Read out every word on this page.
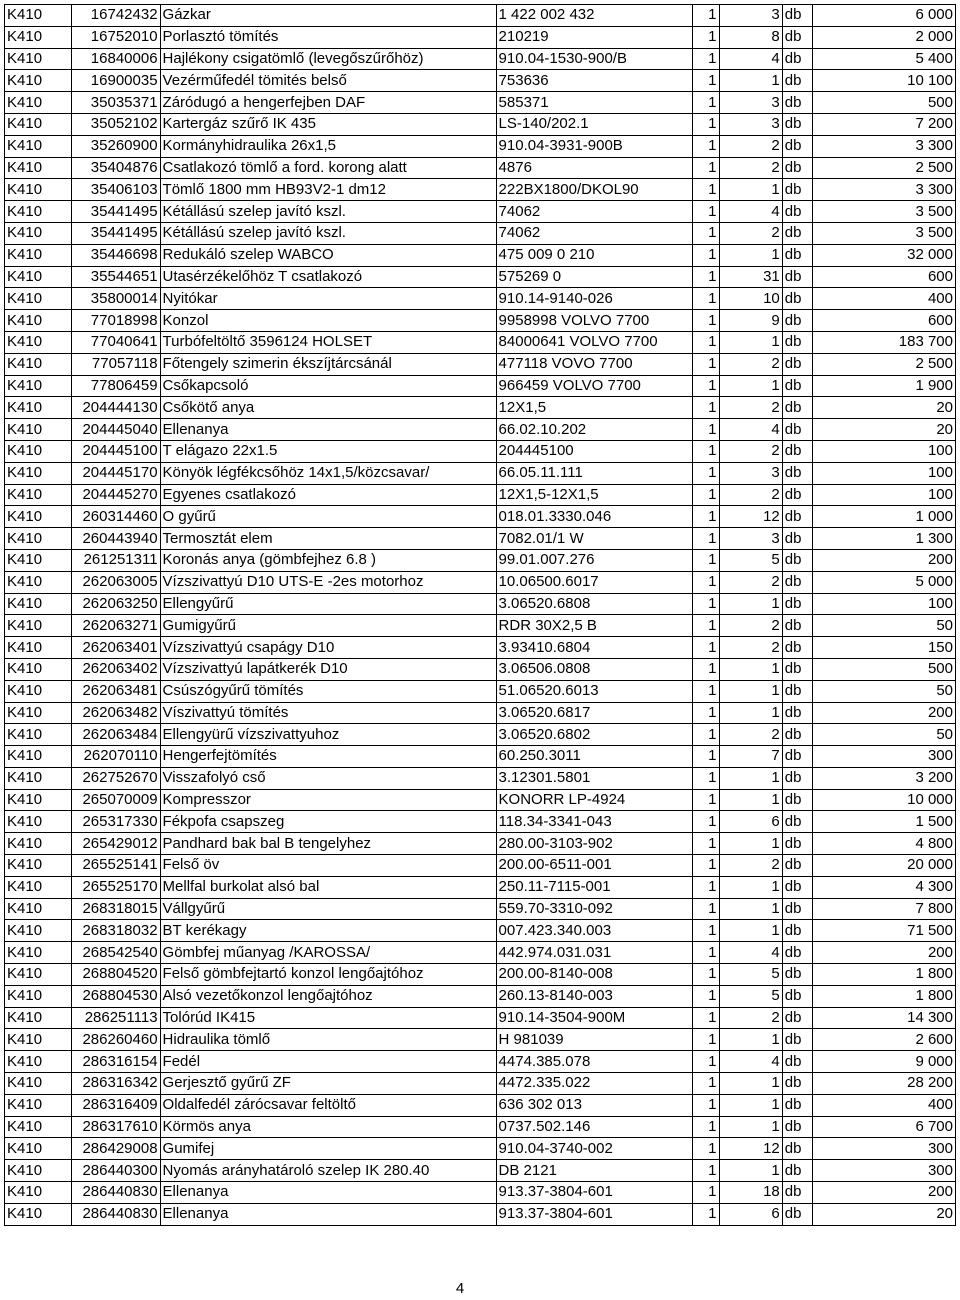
K410	16742432	Gázkar	1 422 002 432	1	3	db	6 000
K410	16752010	Porlasztó tömítés	210219	1	8	db	2 000
K410	16840006	Hajlékony csigatömlő (levegőszűrőhöz)	910.04-1530-900/B	1	4	db	5 400
K410	16900035	Vezérműfedél tömités belső	753636	1	1	db	10 100
K410	35035371	Záródugó a hengerfejben DAF	585371	1	3	db	500
K410	35052102	Kartergáz szűrő IK 435	LS-140/202.1	1	3	db	7 200
K410	35260900	Kormányhidraulika 26x1,5	910.04-3931-900B	1	2	db	3 300
K410	35404876	Csatlakozó tömlő a ford. korong alatt	4876	1	2	db	2 500
K410	35406103	Tömlő 1800 mm HB93V2-1 dm12	222BX1800/DKOL90	1	1	db	3 300
K410	35441495	Kétállású szelep javító kszl.	74062	1	4	db	3 500
K410	35441495	Kétállású szelep javító kszl.	74062	1	2	db	3 500
K410	35446698	Redukáló szelep WABCO	475 009 0 210	1	1	db	32 000
K410	35544651	Utasérzékelőhöz T csatlakozó	575269 0	1	31	db	600
K410	35800014	Nyitókar	910.14-9140-026	1	10	db	400
K410	77018998	Konzol	9958998 VOLVO 7700	1	9	db	600
K410	77040641	Turbófeltöltő 3596124 HOLSET	84000641 VOLVO 7700	1	1	db	183 700
K410	77057118	Főtengely szimerin ékszíjtárcsánál	477118 VOVO 7700	1	2	db	2 500
K410	77806459	Csőkapcsoló	966459 VOLVO 7700	1	1	db	1 900
K410	204444130	Csőkötő anya	12X1,5	1	2	db	20
K410	204445040	Ellenanya	66.02.10.202	1	4	db	20
K410	204445100	T elágazo 22x1.5	204445100	1	2	db	100
K410	204445170	Könyök légfékcsőhöz 14x1,5/közcsavar/	66.05.11.111	1	3	db	100
K410	204445270	Egyenes csatlakozó	12X1,5-12X1,5	1	2	db	100
K410	260314460	O gyűrű	018.01.3330.046	1	12	db	1 000
K410	260443940	Termosztát elem	7082.01/1 W	1	3	db	1 300
K410	261251311	Koronás anya (gömbfejhez 6.8 )	99.01.007.276	1	5	db	200
K410	262063005	Vízszivattyú D10 UTS-E -2es motorhoz	10.06500.6017	1	2	db	5 000
K410	262063250	Ellengyűrű	3.06520.6808	1	1	db	100
K410	262063271	Gumigyűrű	RDR 30X2,5 B	1	2	db	50
K410	262063401	Vízszivattyú csapágy D10	3.93410.6804	1	2	db	150
K410	262063402	Vízszivattyú lapátkerék D10	3.06506.0808	1	1	db	500
K410	262063481	Csúszógyűrű tömítés	51.06520.6013	1	1	db	50
K410	262063482	Víszivattyú tömítés	3.06520.6817	1	1	db	200
K410	262063484	Ellengyürű vízszivattyuhoz	3.06520.6802	1	2	db	50
K410	262070110	Hengerfejtömítés	60.250.3011	1	7	db	300
K410	262752670	Visszafolyó cső	3.12301.5801	1	1	db	3 200
K410	265070009	Kompresszor	KONORR LP-4924	1	1	db	10 000
K410	265317330	Fékpofa csapszeg	118.34-3341-043	1	6	db	1 500
K410	265429012	Pandhard bak bal B tengelyhez	280.00-3103-902	1	1	db	4 800
K410	265525141	Felső öv	200.00-6511-001	1	2	db	20 000
K410	265525170	Mellfal burkolat alsó bal	250.11-7115-001	1	1	db	4 300
K410	268318015	Vállgyűrű	559.70-3310-092	1	1	db	7 800
K410	268318032	BT kerékagy	007.423.340.003	1	1	db	71 500
K410	268542540	Gömbfej műanyag /KAROSSA/	442.974.031.031	1	4	db	200
K410	268804520	Felső gömbfejtartó konzol lengőajtóhoz	200.00-8140-008	1	5	db	1 800
K410	268804530	Alsó vezetőkonzol lengőajtóhoz	260.13-8140-003	1	5	db	1 800
K410	286251113	Tolórúd IK415	910.14-3504-900M	1	2	db	14 300
K410	286260460	Hidraulika tömlő	H 981039	1	1	db	2 600
K410	286316154	Fedél	4474.385.078	1	4	db	9 000
K410	286316342	Gerjesztő gyűrű ZF	4472.335.022	1	1	db	28 200
K410	286316409	Oldalfedél zárócsavar feltöltő	636 302 013	1	1	db	400
K410	286317610	Körmös anya	0737.502.146	1	1	db	6 700
K410	286429008	Gumifej	910.04-3740-002	1	12	db	300
K410	286440300	Nyomás arányhatároló szelep IK 280.40	DB 2121	1	1	db	300
K410	286440830	Ellenanya	913.37-3804-601	1	18	db	200
K410	286440830	Ellenanya	913.37-3804-601	1	6	db	20
4
